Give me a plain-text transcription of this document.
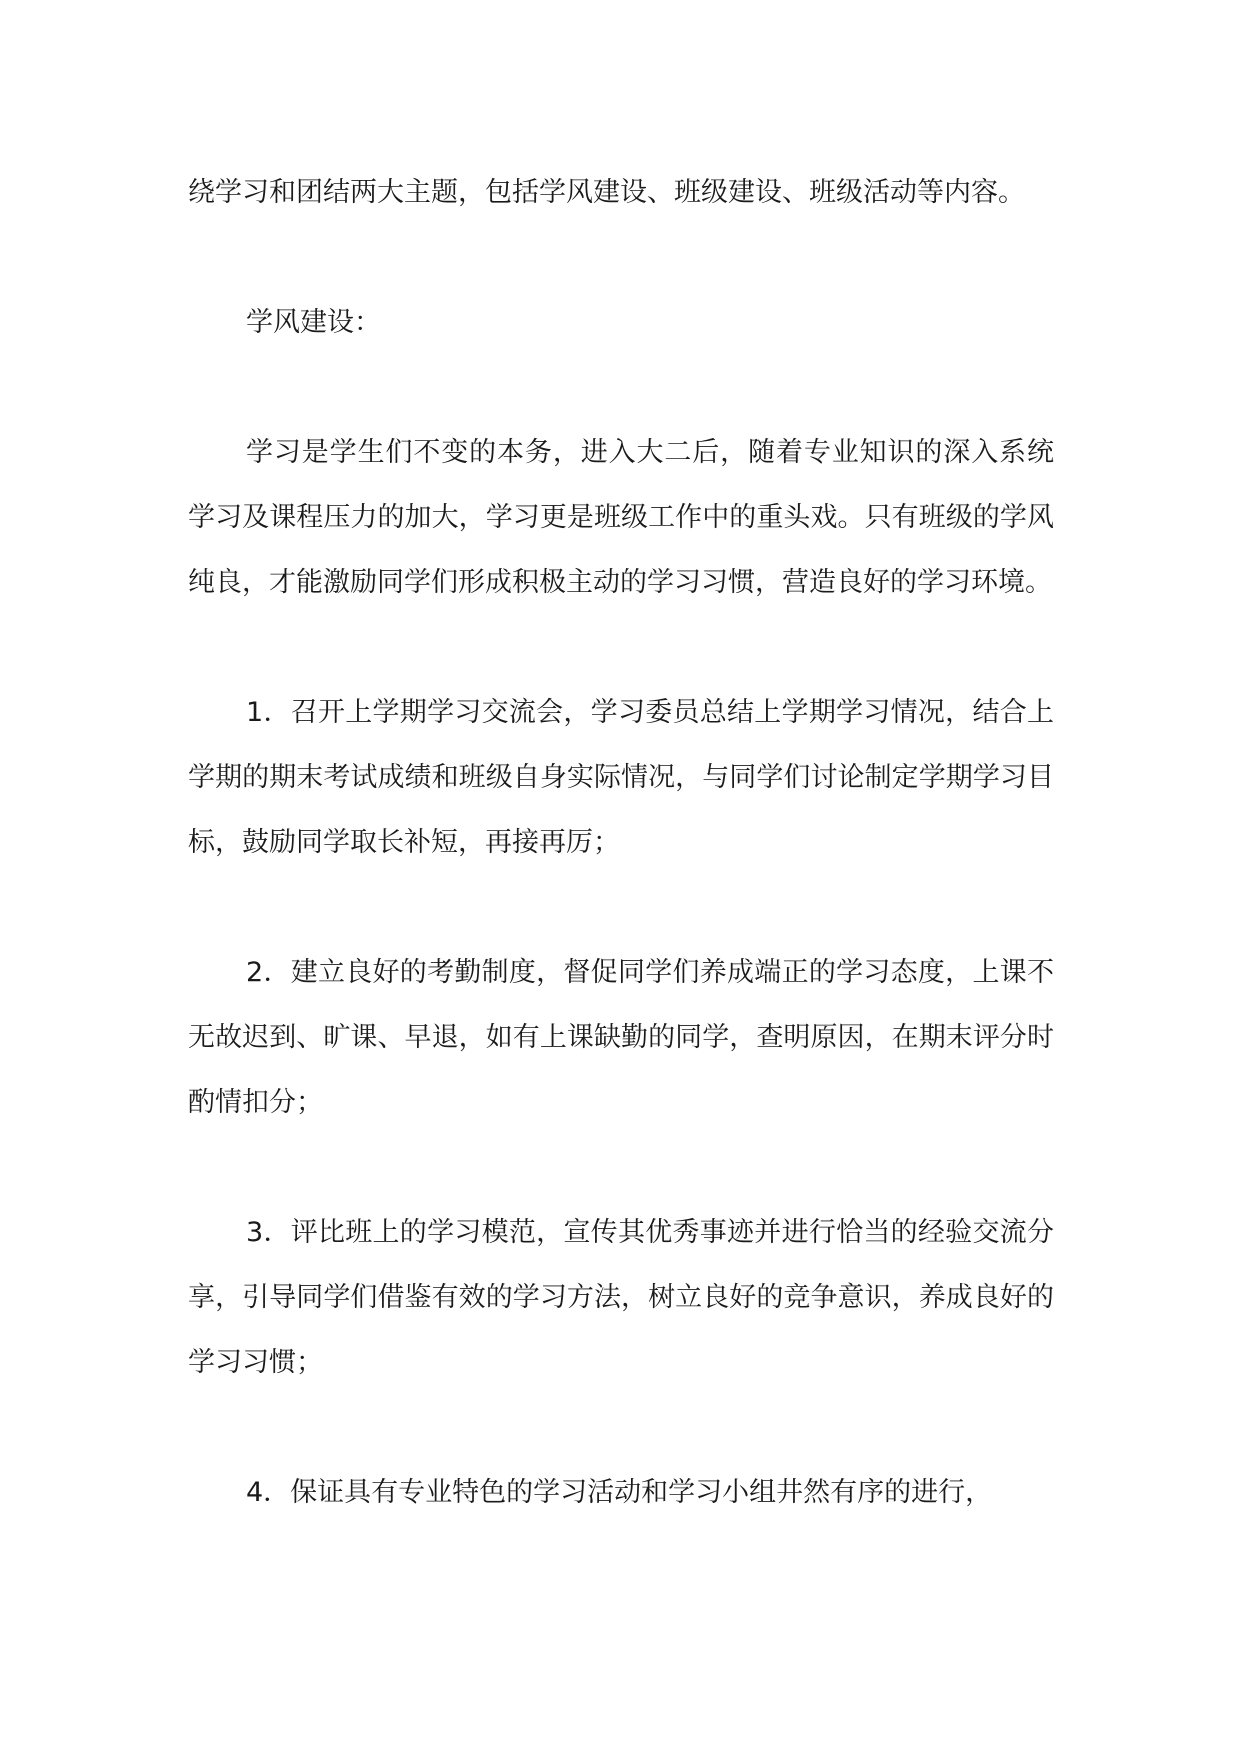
绕学习和团结两大主题，包括学风建设、班级建设、班级活动等内容。

学风建设：

学习是学生们不变的本务，进入大二后，随着专业知识的深入系统学习及课程压力的加大，学习更是班级工作中的重头戏。只有班级的学风纯良，才能激励同学们形成积极主动的学习习惯，营造良好的学习环境。

1．召开上学期学习交流会，学习委员总结上学期学习情况，结合上学期的期末考试成绩和班级自身实际情况，与同学们讨论制定学期学习目标，鼓励同学取长补短，再接再厉；

2．建立良好的考勤制度，督促同学们养成端正的学习态度，上课不无故迟到、旷课、早退，如有上课缺勤的同学，查明原因，在期末评分时酌情扣分；

3．评比班上的学习模范，宣传其优秀事迹并进行恰当的经验交流分享，引导同学们借鉴有效的学习方法，树立良好的竞争意识，养成良好的学习习惯；

4．保证具有专业特色的学习活动和学习小组井然有序的进行，
